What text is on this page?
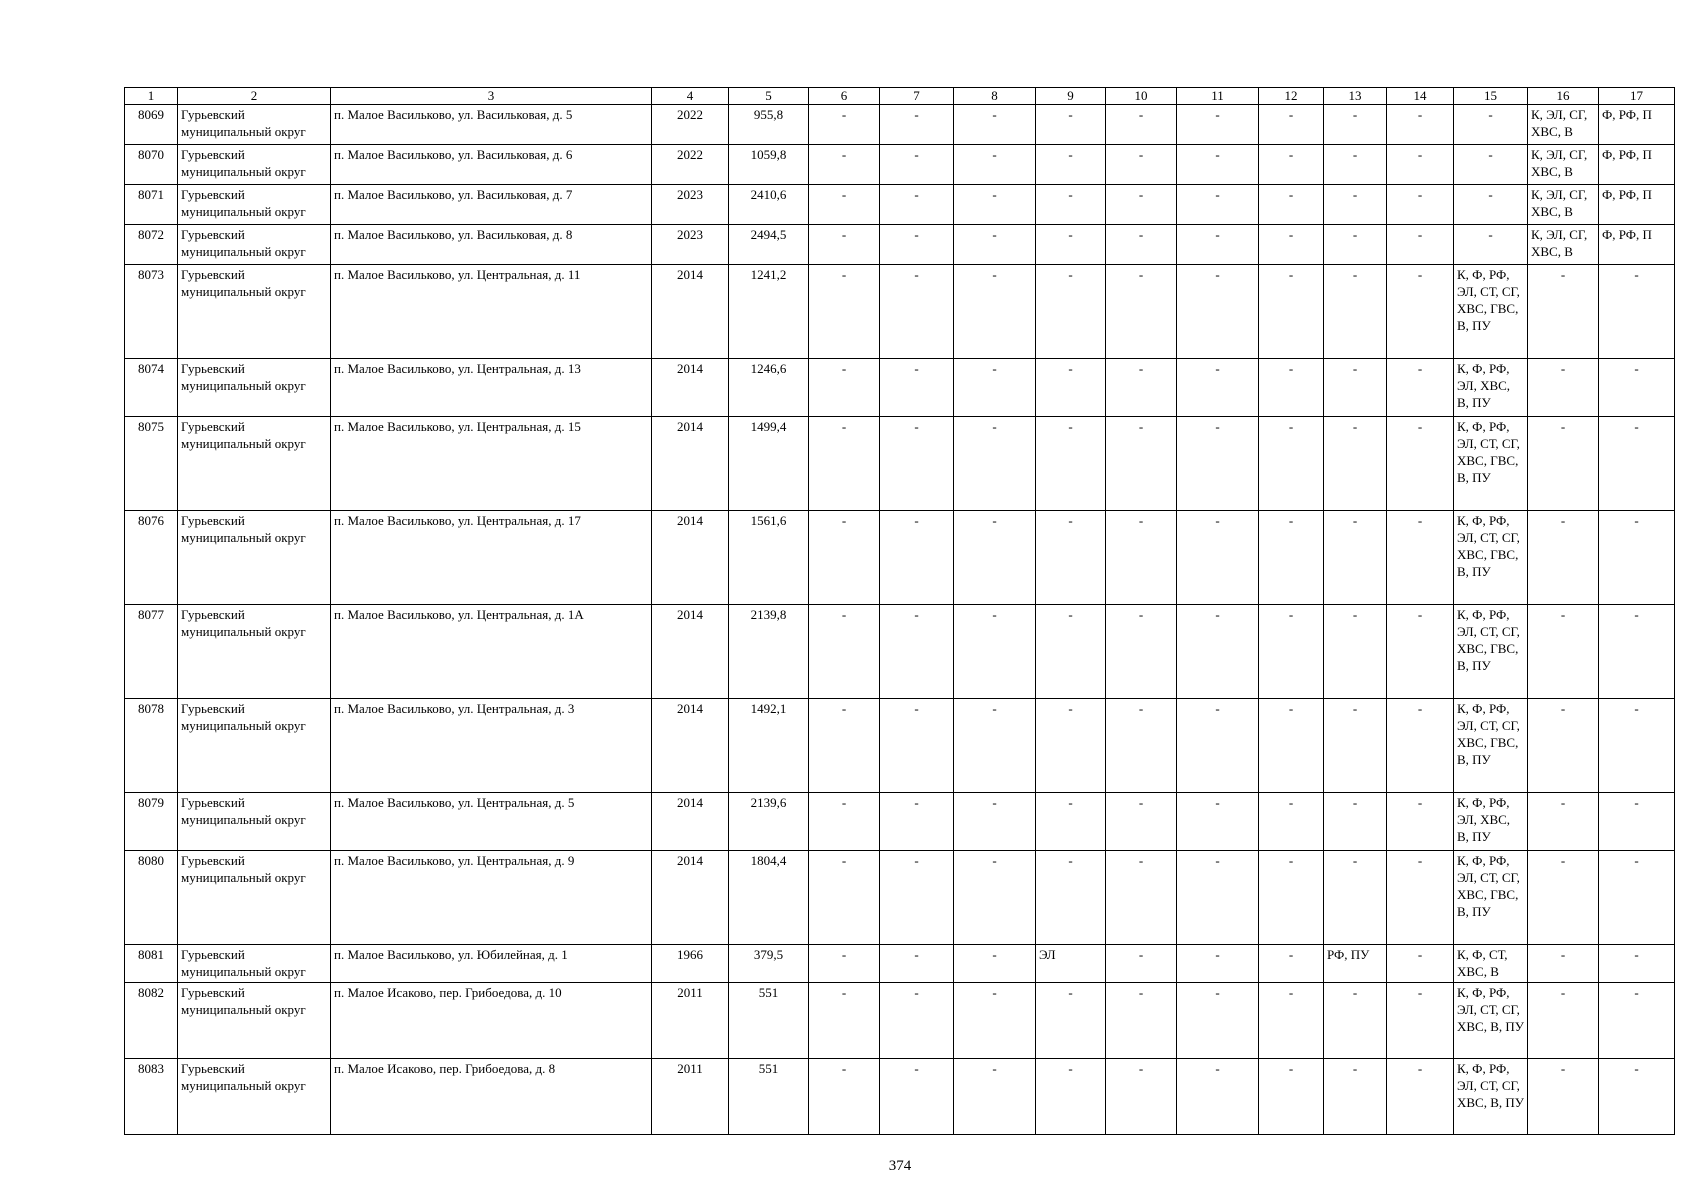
1	2	3	4	5	6	7	8	9	10	11	12	13	14	15	16	17
8069	Гурьевский муниципальный округ	п. Малое Васильково, ул. Васильковая, д. 5	2022	955,8	-	-	-	-	-	-	-	-	-	-	К, ЭЛ, СГ, ХВС, В	Ф, РФ, П
8070	Гурьевский муниципальный округ	п. Малое Васильково, ул. Васильковая, д. 6	2022	1059,8	-	-	-	-	-	-	-	-	-	-	К, ЭЛ, СГ, ХВС, В	Ф, РФ, П
8071	Гурьевский муниципальный округ	п. Малое Васильково, ул. Васильковая, д. 7	2023	2410,6	-	-	-	-	-	-	-	-	-	-	К, ЭЛ, СГ, ХВС, В	Ф, РФ, П
8072	Гурьевский муниципальный округ	п. Малое Васильково, ул. Васильковая, д. 8	2023	2494,5	-	-	-	-	-	-	-	-	-	-	К, ЭЛ, СГ, ХВС, В	Ф, РФ, П
8073	Гурьевский муниципальный округ	п. Малое Васильково, ул. Центральная, д. 11	2014	1241,2	-	-	-	-	-	-	-	-	-	К, Ф, РФ, ЭЛ, СТ, СГ, ХВС, ГВС, В, ПУ	-	-
8074	Гурьевский муниципальный округ	п. Малое Васильково, ул. Центральная, д. 13	2014	1246,6	-	-	-	-	-	-	-	-	-	К, Ф, РФ, ЭЛ, ХВС, В, ПУ	-	-
8075	Гурьевский муниципальный округ	п. Малое Васильково, ул. Центральная, д. 15	2014	1499,4	-	-	-	-	-	-	-	-	-	К, Ф, РФ, ЭЛ, СТ, СГ, ХВС, ГВС, В, ПУ	-	-
8076	Гурьевский муниципальный округ	п. Малое Васильково, ул. Центральная, д. 17	2014	1561,6	-	-	-	-	-	-	-	-	-	К, Ф, РФ, ЭЛ, СТ, СГ, ХВС, ГВС, В, ПУ	-	-
8077	Гурьевский муниципальный округ	п. Малое Васильково, ул. Центральная, д. 1А	2014	2139,8	-	-	-	-	-	-	-	-	-	К, Ф, РФ, ЭЛ, СТ, СГ, ХВС, ГВС, В, ПУ	-	-
8078	Гурьевский муниципальный округ	п. Малое Васильково, ул. Центральная, д. 3	2014	1492,1	-	-	-	-	-	-	-	-	-	К, Ф, РФ, ЭЛ, СТ, СГ, ХВС, ГВС, В, ПУ	-	-
8079	Гурьевский муниципальный округ	п. Малое Васильково, ул. Центральная, д. 5	2014	2139,6	-	-	-	-	-	-	-	-	-	К, Ф, РФ, ЭЛ, ХВС, В, ПУ	-	-
8080	Гурьевский муниципальный округ	п. Малое Васильково, ул. Центральная, д. 9	2014	1804,4	-	-	-	-	-	-	-	-	-	К, Ф, РФ, ЭЛ, СТ, СГ, ХВС, ГВС, В, ПУ	-	-
8081	Гурьевский муниципальный округ	п. Малое Васильково, ул. Юбилейная, д. 1	1966	379,5	-	-	-	ЭЛ	-	-	-	РФ, ПУ	-	К, Ф, СТ, ХВС, В	-	-
8082	Гурьевский муниципальный округ	п. Малое Исаково, пер. Грибоедова, д. 10	2011	551	-	-	-	-	-	-	-	-	-	К, Ф, РФ, ЭЛ, СТ, СГ, ХВС, В, ПУ	-	-
8083	Гурьевский муниципальный округ	п. Малое Исаково, пер. Грибоедова, д. 8	2011	551	-	-	-	-	-	-	-	-	-	К, Ф, РФ, ЭЛ, СТ, СГ, ХВС, В, ПУ	-	-
374
